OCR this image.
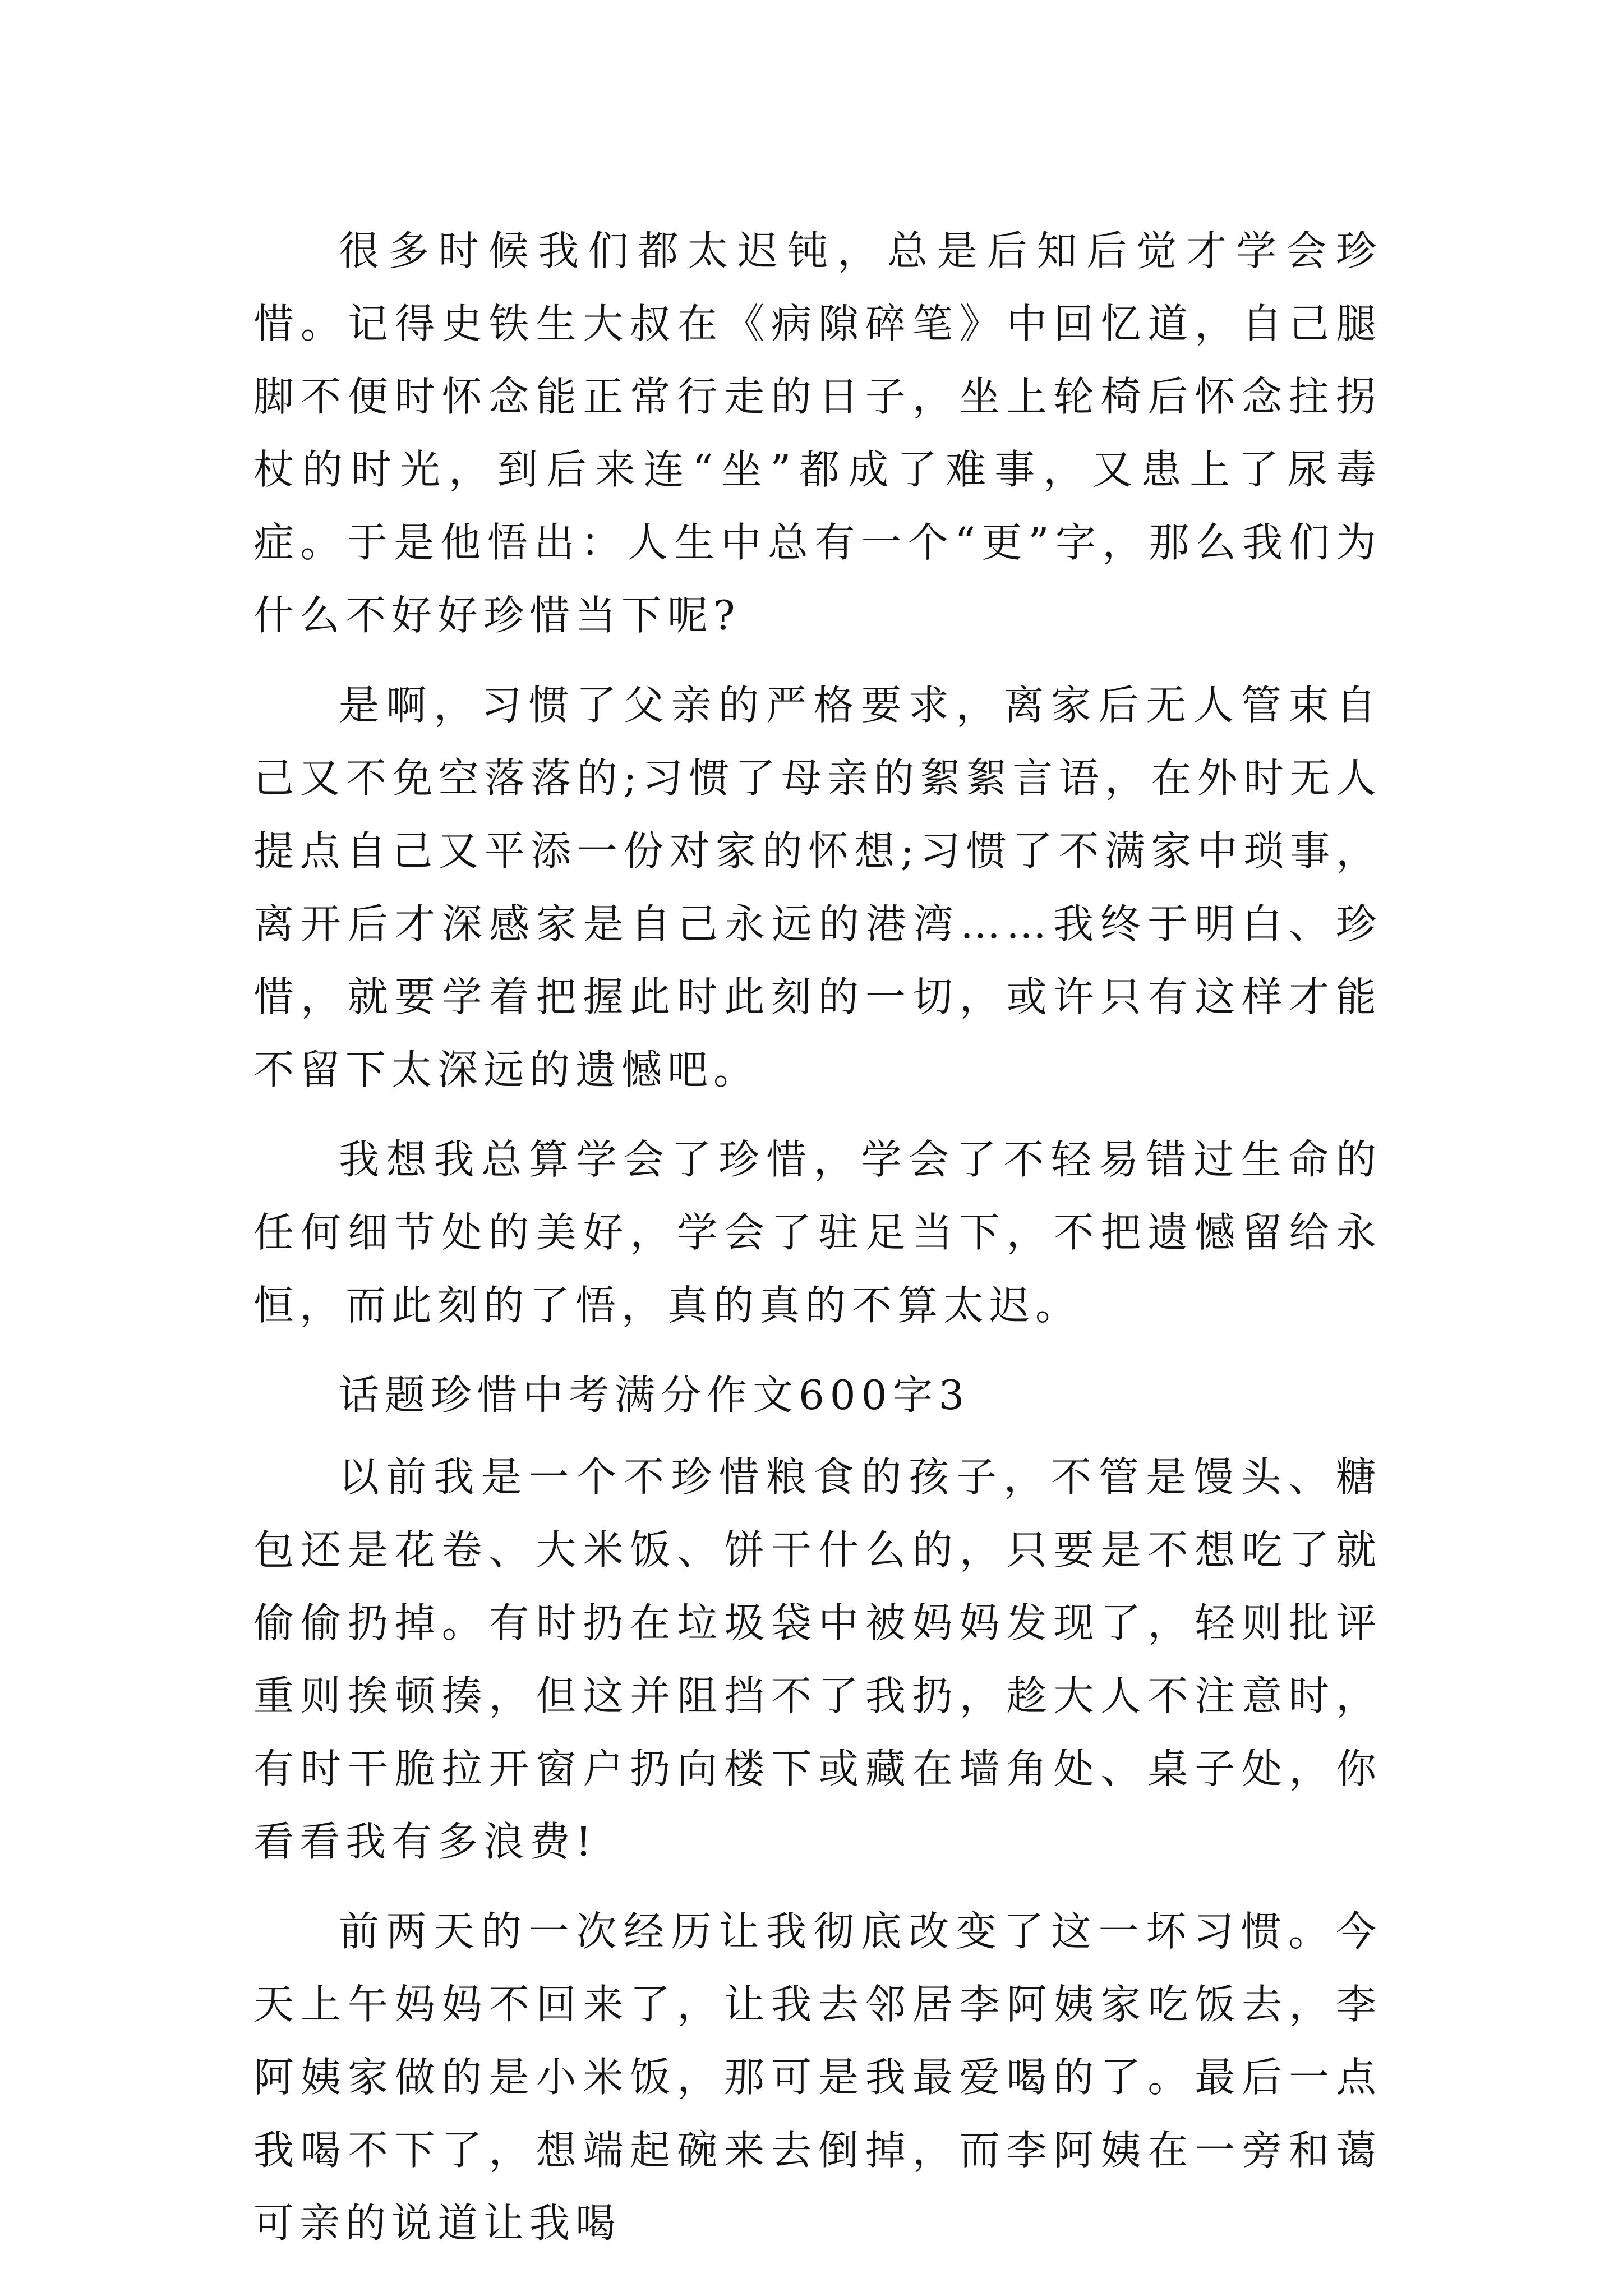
很多时候我们都太迟钝，总是后知后觉才学会珍惜。记得史铁生大叔在《病隙碎笔》中回忆道，自己腿脚不便时怀念能正常行走的日子，坐上轮椅后怀念拄拐杖的时光，到后来连“坐”都成了难事，又患上了尿毒症。于是他悟出：人生中总有一个“更”字，那么我们为什么不好好珍惜当下呢?

是啊，习惯了父亲的严格要求，离家后无人管束自己又不免空落落的;习惯了母亲的絮絮言语，在外时无人提点自己又平添一份对家的怀想;习惯了不满家中琐事，离开后才深感家是自己永远的港湾……我终于明白、珍惜，就要学着把握此时此刻的一切，或许只有这样才能不留下太深远的遗憾吧。

我想我总算学会了珍惜，学会了不轻易错过生命的任何细节处的美好，学会了驻足当下，不把遗憾留给永恒，而此刻的了悟，真的真的不算太迟。

话题珍惜中考满分作文600字3

以前我是一个不珍惜粮食的孩子，不管是馒头、糖包还是花卷、大米饭、饼干什么的，只要是不想吃了就偷偷扔掉。有时扔在垃圾袋中被妈妈发现了，轻则批评重则挨顿揍，但这并阻挡不了我扔，趁大人不注意时，有时干脆拉开窗户扔向楼下或藏在墙角处、桌子处，你看看我有多浪费!

前两天的一次经历让我彻底改变了这一坏习惯。今天上午妈妈不回来了，让我去邻居李阿姨家吃饭去，李阿姨家做的是小米饭，那可是我最爱喝的了。最后一点我喝不下了，想端起碗来去倒掉，而李阿姨在一旁和蔼可亲的说道让我喝
